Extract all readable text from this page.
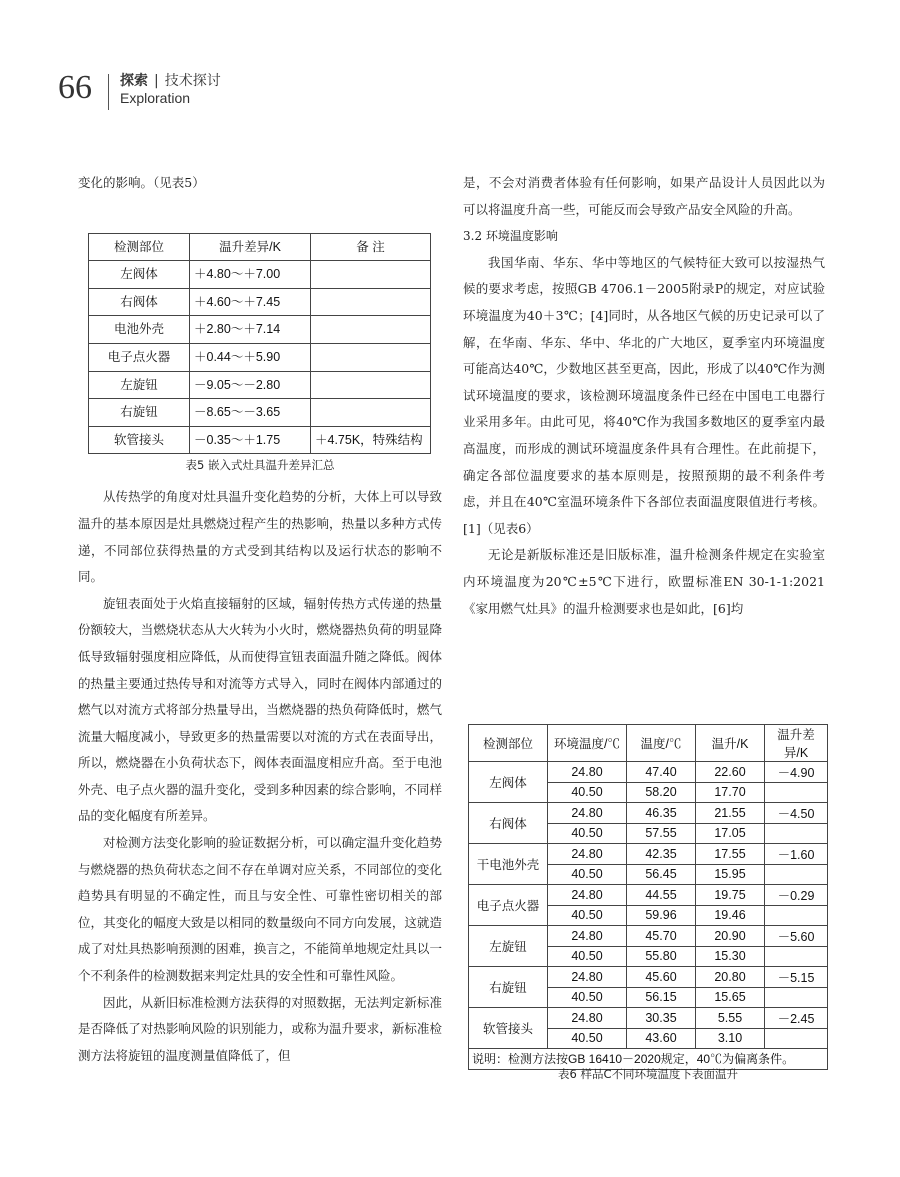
66 探索 | 技术探讨
Exploration

变化的影响。（见表5）

检测部位	温升差异/K	备 注
左阀体	＋4.80～＋7.00	
右阀体	＋4.60～＋7.45	
电池外壳	＋2.80～＋7.14	
电子点火器	＋0.44～＋5.90	
左旋钮	－9.05～－2.80	
右旋钮	－8.65～－3.65	
软管接头	－0.35～＋1.75	＋4.75K，特殊结构
表5 嵌入式灶具温升差异汇总

从传热学的角度对灶具温升变化趋势的分析，大体上可以导致温升的基本原因是灶具燃烧过程产生的热影响，热量以多种方式传递，不同部位获得热量的方式受到其结构以及运行状态的影响不同。

旋钮表面处于火焰直接辐射的区域，辐射传热方式传递的热量份额较大，当燃烧状态从大火转为小火时，燃烧器热负荷的明显降低导致辐射强度相应降低，从而使得宣钮表面温升随之降低。阀体的热量主要通过热传导和对流等方式导入，同时在阀体内部通过的燃气以对流方式将部分热量导出，当燃烧器的热负荷降低时，燃气流量大幅度减小，导致更多的热量需要以对流的方式在表面导出，所以，燃烧器在小负荷状态下，阀体表面温度相应升高。至于电池外壳、电子点火器的温升变化，受到多种因素的综合影响，不同样品的变化幅度有所差异。

对检测方法变化影响的验证数据分析，可以确定温升变化趋势与燃烧器的热负荷状态之间不存在单调对应关系，不同部位的变化趋势具有明显的不确定性，而且与安全性、可靠性密切相关的部位，其变化的幅度大致是以相同的数量级向不同方向发展，这就造成了对灶具热影响预测的困难，换言之，不能简单地规定灶具以一个不利条件的检测数据来判定灶具的安全性和可靠性风险。

因此，从新旧标准检测方法获得的对照数据，无法判定新标准是否降低了对热影响风险的识别能力，或称为温升要求，新标准检测方法将旋钮的温度测量值降低了，但

是，不会对消费者体验有任何影响，如果产品设计人员因此以为可以将温度升高一些，可能反而会导致产品安全风险的升高。

3.2 环境温度影响

我国华南、华东、华中等地区的气候特征大致可以按湿热气候的要求考虑，按照GB 4706.1－2005附录P的规定，对应试验环境温度为40＋3℃；[4]同时，从各地区气候的历史记录可以了解，在华南、华东、华中、华北的广大地区，夏季室内环境温度可能高达40℃，少数地区甚至更高，因此，形成了以40℃作为测试环境温度的要求，该检测环境温度条件已经在中国电工电器行业采用多年。由此可见，将40℃作为我国多数地区的夏季室内最高温度，而形成的测试环境温度条件具有合理性。在此前提下，确定各部位温度要求的基本原则是，按照预期的最不利条件考虑，并且在40℃室温环境条件下各部位表面温度限值进行考核。[1]（见表6）

无论是新版标准还是旧版标准，温升检测条件规定在实验室内环境温度为20℃±5℃下进行，欧盟标准EN 30-1-1:2021《家用燃气灶具》的温升检测要求也是如此，[6]均

检测部位	环境温度/℃	温度/℃	温升/K	温升差异/K
左阀体	24.80	47.40	22.60	－4.90
	40.50	58.20	17.70	
右阀体	24.80	46.35	21.55	－4.50
	40.50	57.55	17.05	
干电池外壳	24.80	42.35	17.55	－1.60
	40.50	56.45	15.95	
电子点火器	24.80	44.55	19.75	－0.29
	40.50	59.96	19.46	
左旋钮	24.80	45.70	20.90	－5.60
	40.50	55.80	15.30	
右旋钮	24.80	45.60	20.80	－5.15
	40.50	56.15	15.65	
软管接头	24.80	30.35	5.55	－2.45
	40.50	43.60	3.10	
说明：检测方法按GB 16410－2020规定，40℃为偏离条件。				
表6 样品C不同环境温度下表面温升
